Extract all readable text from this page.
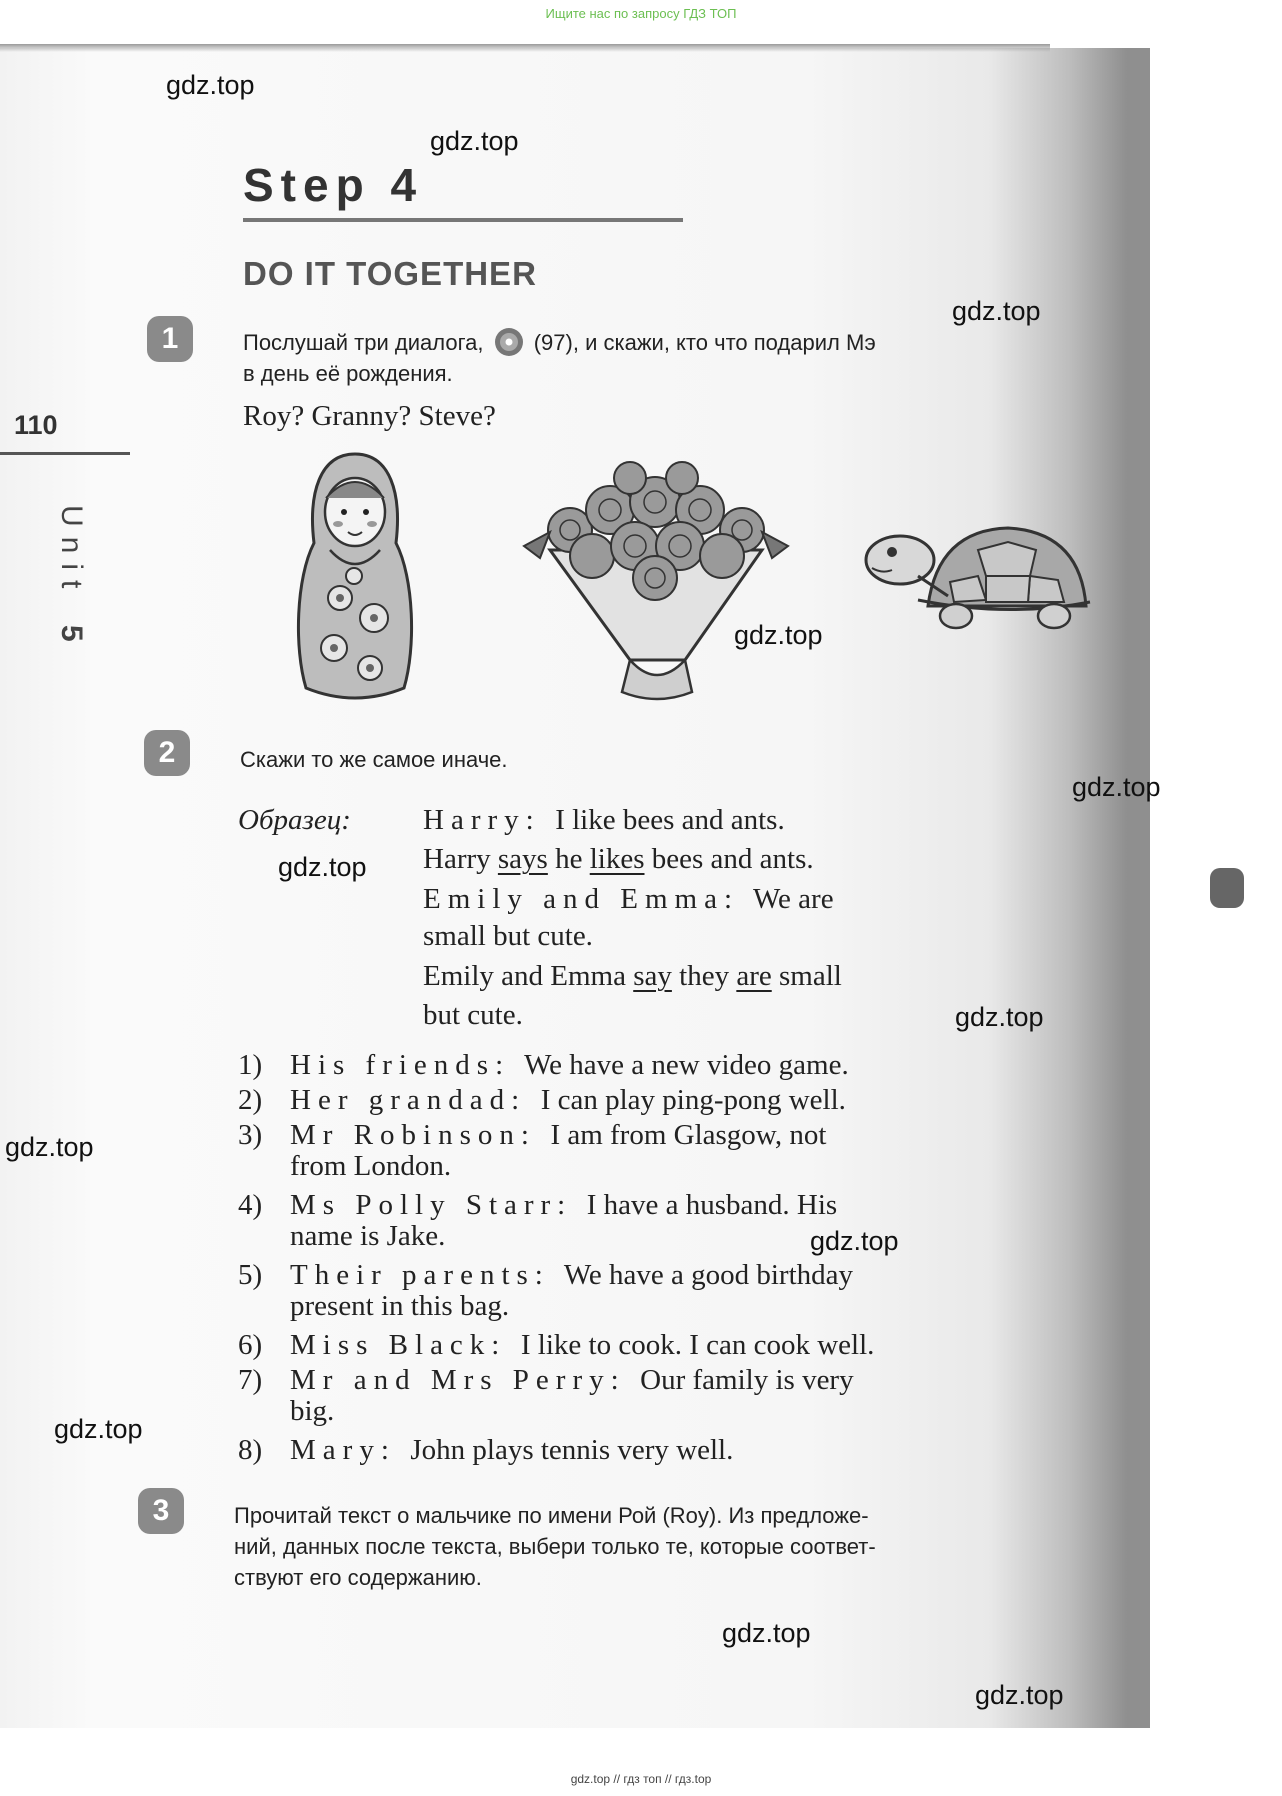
Ищите нас по запросу ГДЗ ТОП
gdz.top
gdz.top
gdz.top
gdz.top
gdz.top
gdz.top
gdz.top
gdz.top
gdz.top
gdz.top
gdz.top
gdz.top
110
Unit 5
Step 4
DO IT TOGETHER
1	Послушай три диалога, (97), и скажи, кто что подарил Мэ
в день её рождения.
Roy? Granny? Steve?
2	Скажи то же самое иначе.
Образец: Harry: I like bees and ants.
Harry says he likes bees and ants.
Emily and Emma: We are
small but cute.
Emily and Emma say they are small
but cute.
1) His friends: We have a new video game.
2) Her grandad: I can play ping-pong well.
3) Mr Robinson: I am from Glasgow, not
from London.
4) Ms Polly Starr: I have a husband. His
name is Jake.
5) Their parents: We have a good birthday
present in this bag.
6) Miss Black: I like to cook. I can cook well.
7) Mr and Mrs Perry: Our family is very
big.
8) Mary: John plays tennis very well.
3	Прочитай текст о мальчике по имени Рой (Roy). Из предложе-
ний, данных после текста, выбери только те, которые соответ-
ствуют его содержанию.
gdz.top // гдз топ // гдз.top
